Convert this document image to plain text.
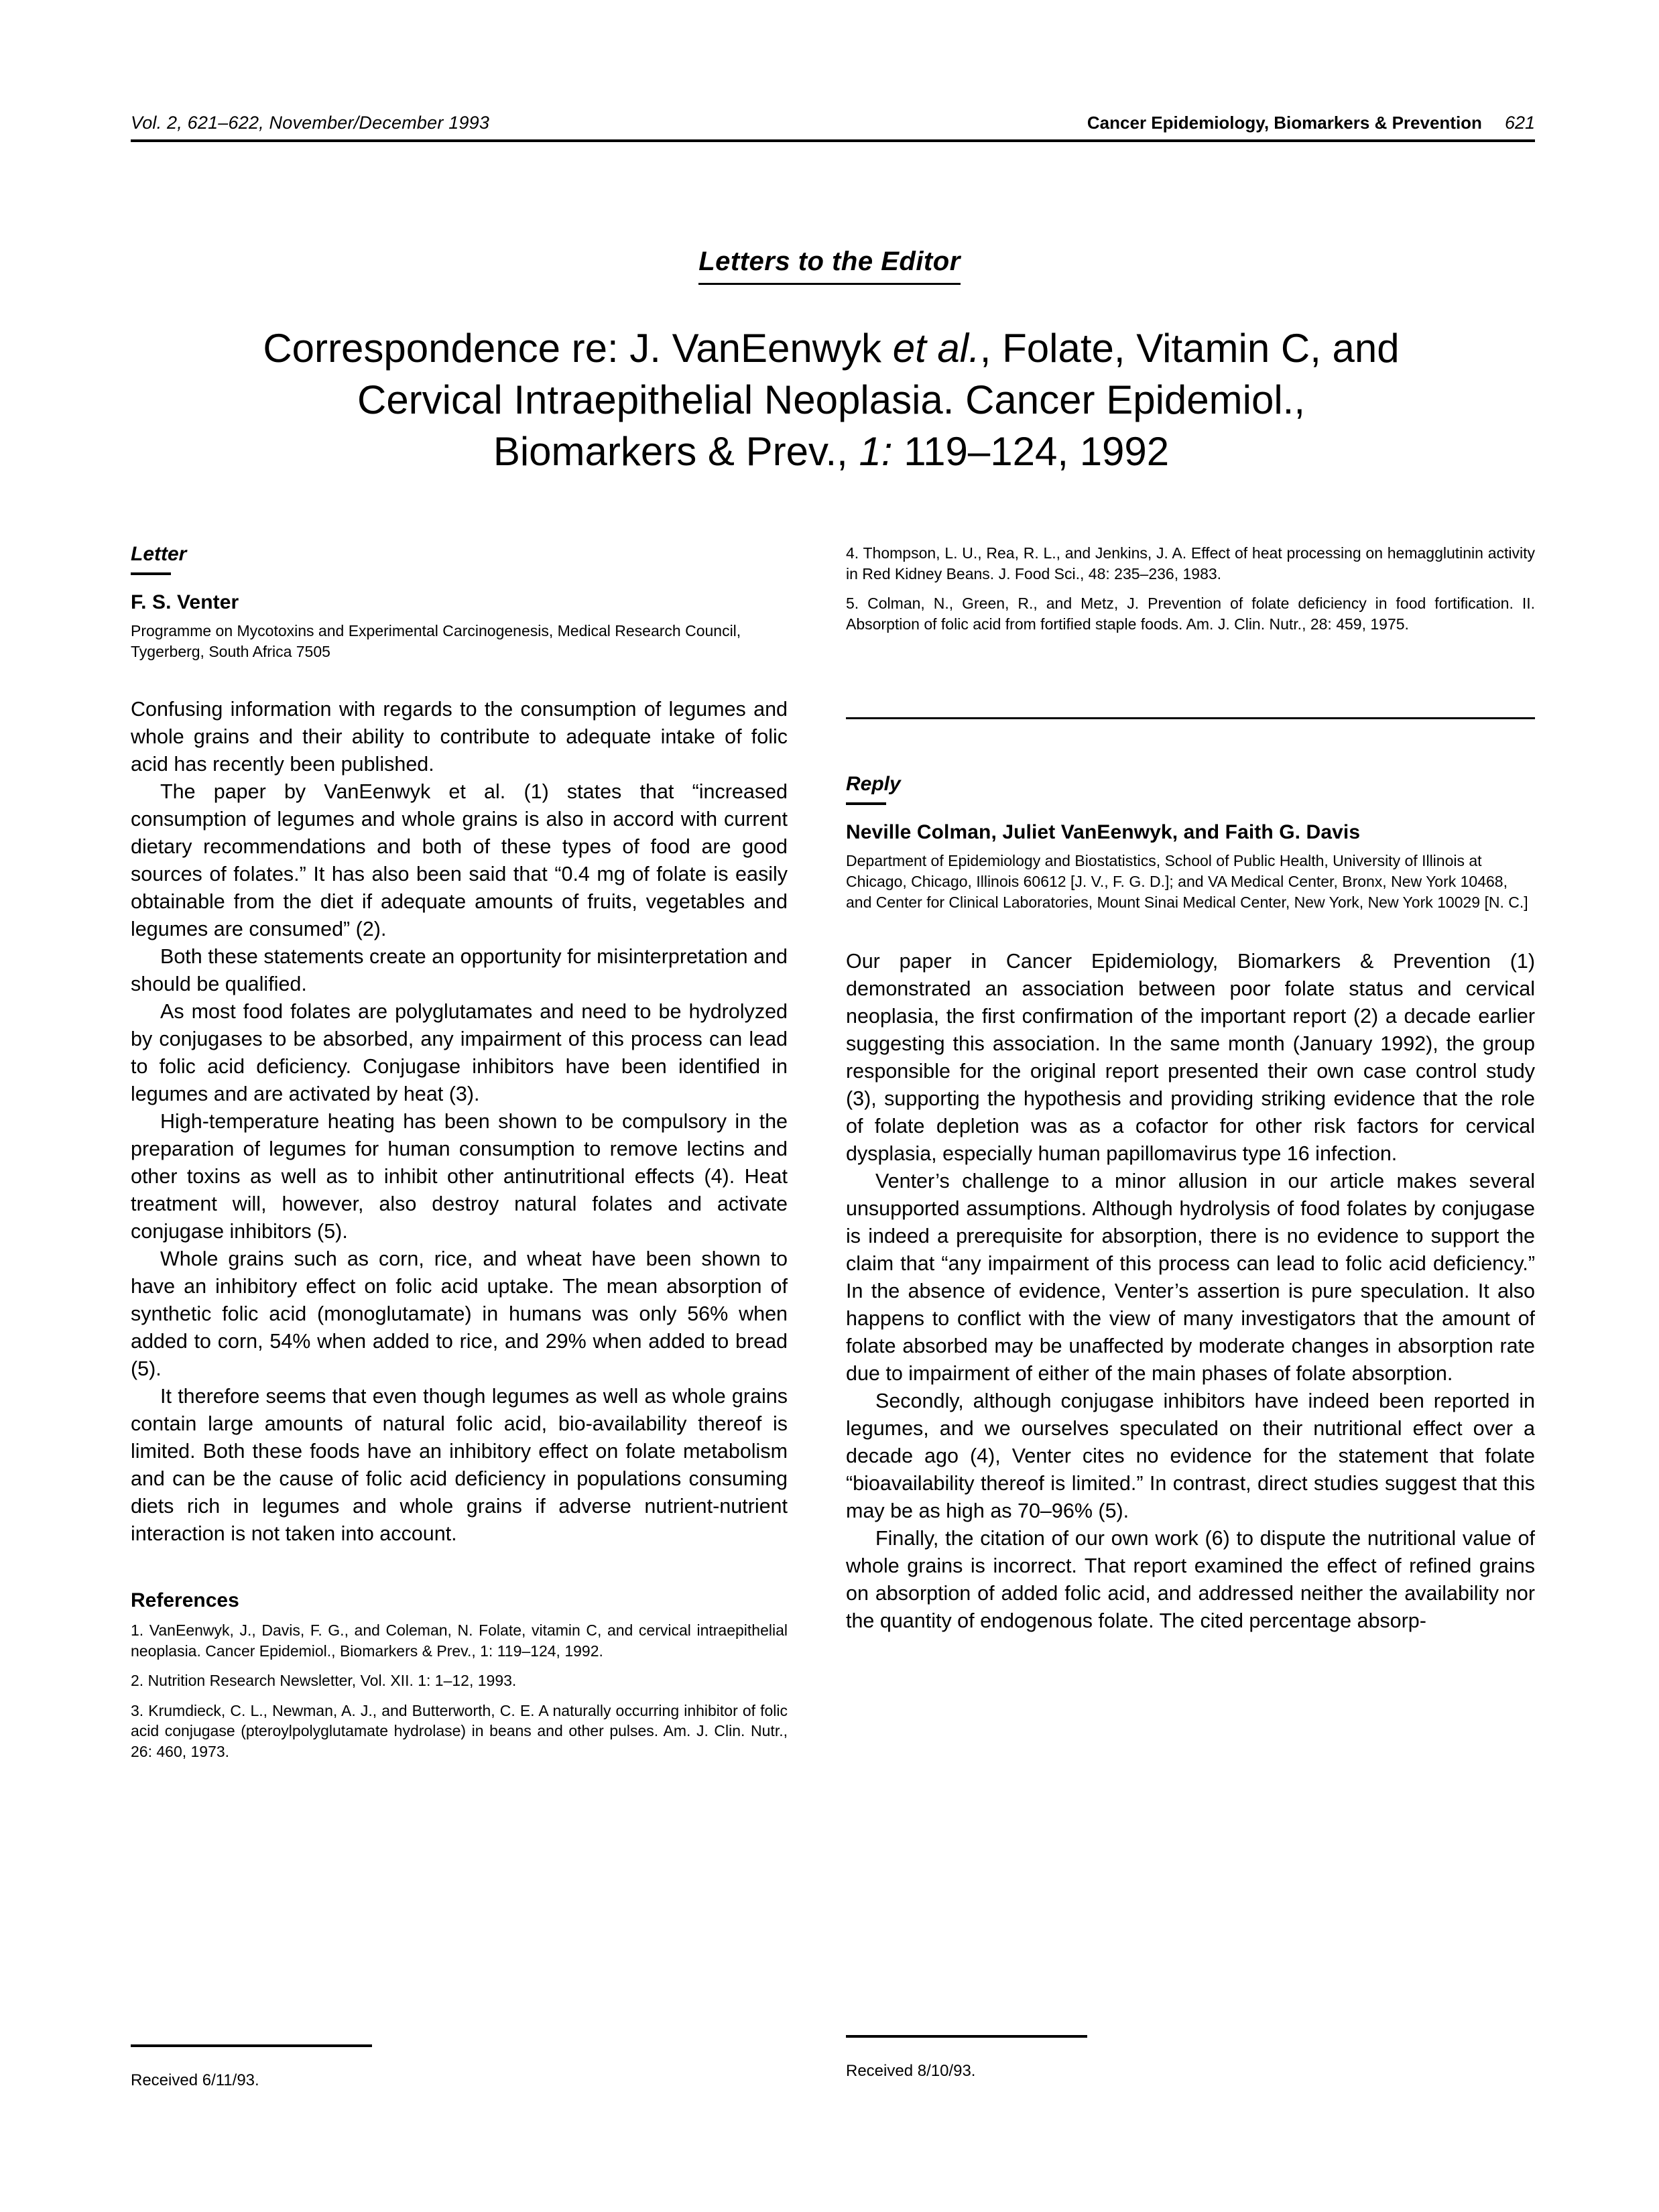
Vol. 2, 621–622, November/December 1993	Cancer Epidemiology, Biomarkers & Prevention 621
Letters to the Editor
Correspondence re: J. VanEenwyk et al., Folate, Vitamin C, and
Cervical Intraepithelial Neoplasia. Cancer Epidemiol.,
Biomarkers & Prev., 1: 119–124, 1992
Letter
F. S. Venter

Programme on Mycotoxins and Experimental Carcinogenesis, Medical Research Council, Tygerberg, South Africa 7505

Confusing information with regards to the consumption of legumes and whole grains and their ability to contribute to adequate intake of folic acid has recently been published.

The paper by VanEenwyk et al. (1) states that “increased consumption of legumes and whole grains is also in accord with current dietary recommendations and both of these types of food are good sources of folates.” It has also been said that “0.4 mg of folate is easily obtainable from the diet if adequate amounts of fruits, vegetables and legumes are consumed” (2).

Both these statements create an opportunity for misinterpretation and should be qualified.

As most food folates are polyglutamates and need to be hydrolyzed by conjugases to be absorbed, any impairment of this process can lead to folic acid deficiency. Conjugase inhibitors have been identified in legumes and are activated by heat (3).

High-temperature heating has been shown to be compulsory in the preparation of legumes for human consumption to remove lectins and other toxins as well as to inhibit other antinutritional effects (4). Heat treatment will, however, also destroy natural folates and activate conjugase inhibitors (5).

Whole grains such as corn, rice, and wheat have been shown to have an inhibitory effect on folic acid uptake. The mean absorption of synthetic folic acid (monoglutamate) in humans was only 56% when added to corn, 54% when added to rice, and 29% when added to bread (5).

It therefore seems that even though legumes as well as whole grains contain large amounts of natural folic acid, bio-availability thereof is limited. Both these foods have an inhibitory effect on folate metabolism and can be the cause of folic acid deficiency in populations consuming diets rich in legumes and whole grains if adverse nutrient-nutrient interaction is not taken into account.

References
1. VanEenwyk, J., Davis, F. G., and Coleman, N. Folate, vitamin C, and cervical intraepithelial neoplasia. Cancer Epidemiol., Biomarkers & Prev., 1: 119–124, 1992.
2. Nutrition Research Newsletter, Vol. XII. 1: 1–12, 1993.
3. Krumdieck, C. L., Newman, A. J., and Butterworth, C. E. A naturally occurring inhibitor of folic acid conjugase (pteroylpolyglutamate hydrolase) in beans and other pulses. Am. J. Clin. Nutr., 26: 460, 1973.
4. Thompson, L. U., Rea, R. L., and Jenkins, J. A. Effect of heat processing on hemagglutinin activity in Red Kidney Beans. J. Food Sci., 48: 235–236, 1983.
5. Colman, N., Green, R., and Metz, J. Prevention of folate deficiency in food fortification. II. Absorption of folic acid from fortified staple foods. Am. J. Clin. Nutr., 28: 459, 1975.
Reply
Neville Colman, Juliet VanEenwyk, and Faith G. Davis

Department of Epidemiology and Biostatistics, School of Public Health, University of Illinois at Chicago, Chicago, Illinois 60612 [J. V., F. G. D.]; and VA Medical Center, Bronx, New York 10468, and Center for Clinical Laboratories, Mount Sinai Medical Center, New York, New York 10029 [N. C.]

Our paper in Cancer Epidemiology, Biomarkers & Prevention (1) demonstrated an association between poor folate status and cervical neoplasia, the first confirmation of the important report (2) a decade earlier suggesting this association. In the same month (January 1992), the group responsible for the original report presented their own case control study (3), supporting the hypothesis and providing striking evidence that the role of folate depletion was as a cofactor for other risk factors for cervical dysplasia, especially human papillomavirus type 16 infection.

Venter’s challenge to a minor allusion in our article makes several unsupported assumptions. Although hydrolysis of food folates by conjugase is indeed a prerequisite for absorption, there is no evidence to support the claim that “any impairment of this process can lead to folic acid deficiency.” In the absence of evidence, Venter’s assertion is pure speculation. It also happens to conflict with the view of many investigators that the amount of folate absorbed may be unaffected by moderate changes in absorption rate due to impairment of either of the main phases of folate absorption.

Secondly, although conjugase inhibitors have indeed been reported in legumes, and we ourselves speculated on their nutritional effect over a decade ago (4), Venter cites no evidence for the statement that folate “bioavailability thereof is limited.” In contrast, direct studies suggest that this may be as high as 70–96% (5).

Finally, the citation of our own work (6) to dispute the nutritional value of whole grains is incorrect. That report examined the effect of refined grains on absorption of added folic acid, and addressed neither the availability nor the quantity of endogenous folate. The cited percentage absorp-

Received 6/11/93.
Received 8/10/93.
